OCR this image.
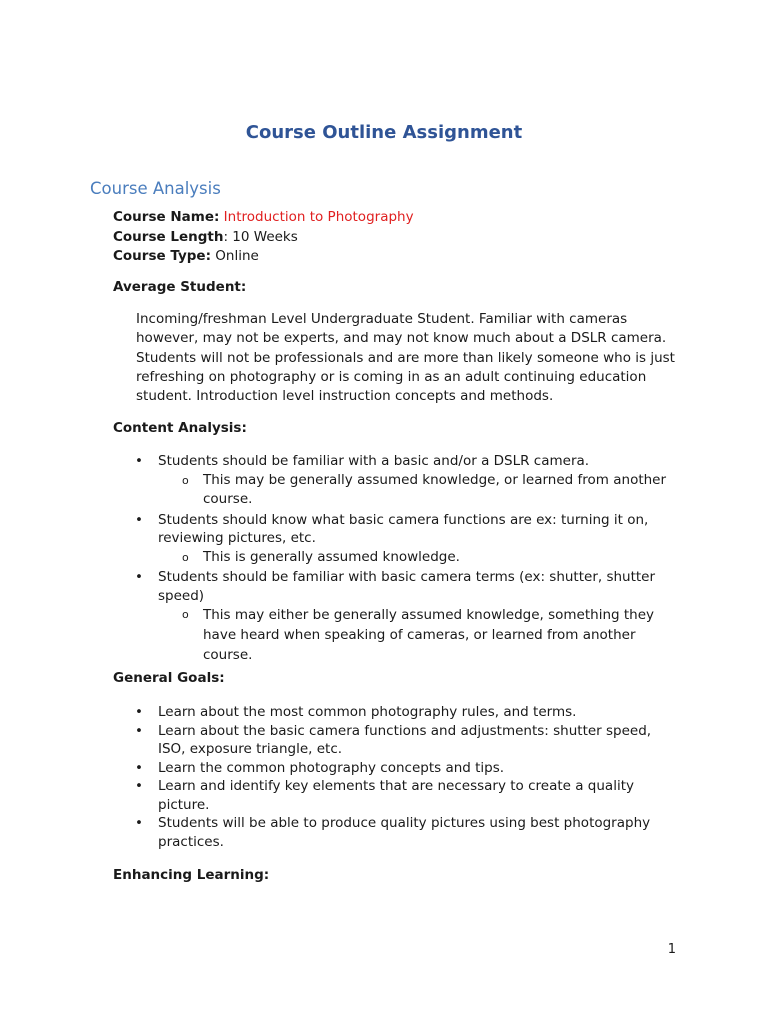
Course Outline Assignment
Course Analysis
Course Name: Introduction to Photography
Course Length: 10 Weeks
Course Type: Online
Average Student:
Incoming/freshman Level Undergraduate Student. Familiar with cameras however, may not be experts, and may not know much about a DSLR camera. Students will not be professionals and are more than likely someone who is just refreshing on photography or is coming in as an adult continuing education student. Introduction level instruction concepts and methods.
Content Analysis:
• Students should be familiar with a basic and/or a DSLR camera.
o This may be generally assumed knowledge, or learned from another course.
• Students should know what basic camera functions are ex: turning it on, reviewing pictures, etc.
o This is generally assumed knowledge.
• Students should be familiar with basic camera terms (ex: shutter, shutter speed)
o This may either be generally assumed knowledge, something they have heard when speaking of cameras, or learned from another course.
General Goals:
• Learn about the most common photography rules, and terms.
• Learn about the basic camera functions and adjustments: shutter speed, ISO, exposure triangle, etc.
• Learn the common photography concepts and tips.
• Learn and identify key elements that are necessary to create a quality picture.
• Students will be able to produce quality pictures using best photography practices.
Enhancing Learning:
1
